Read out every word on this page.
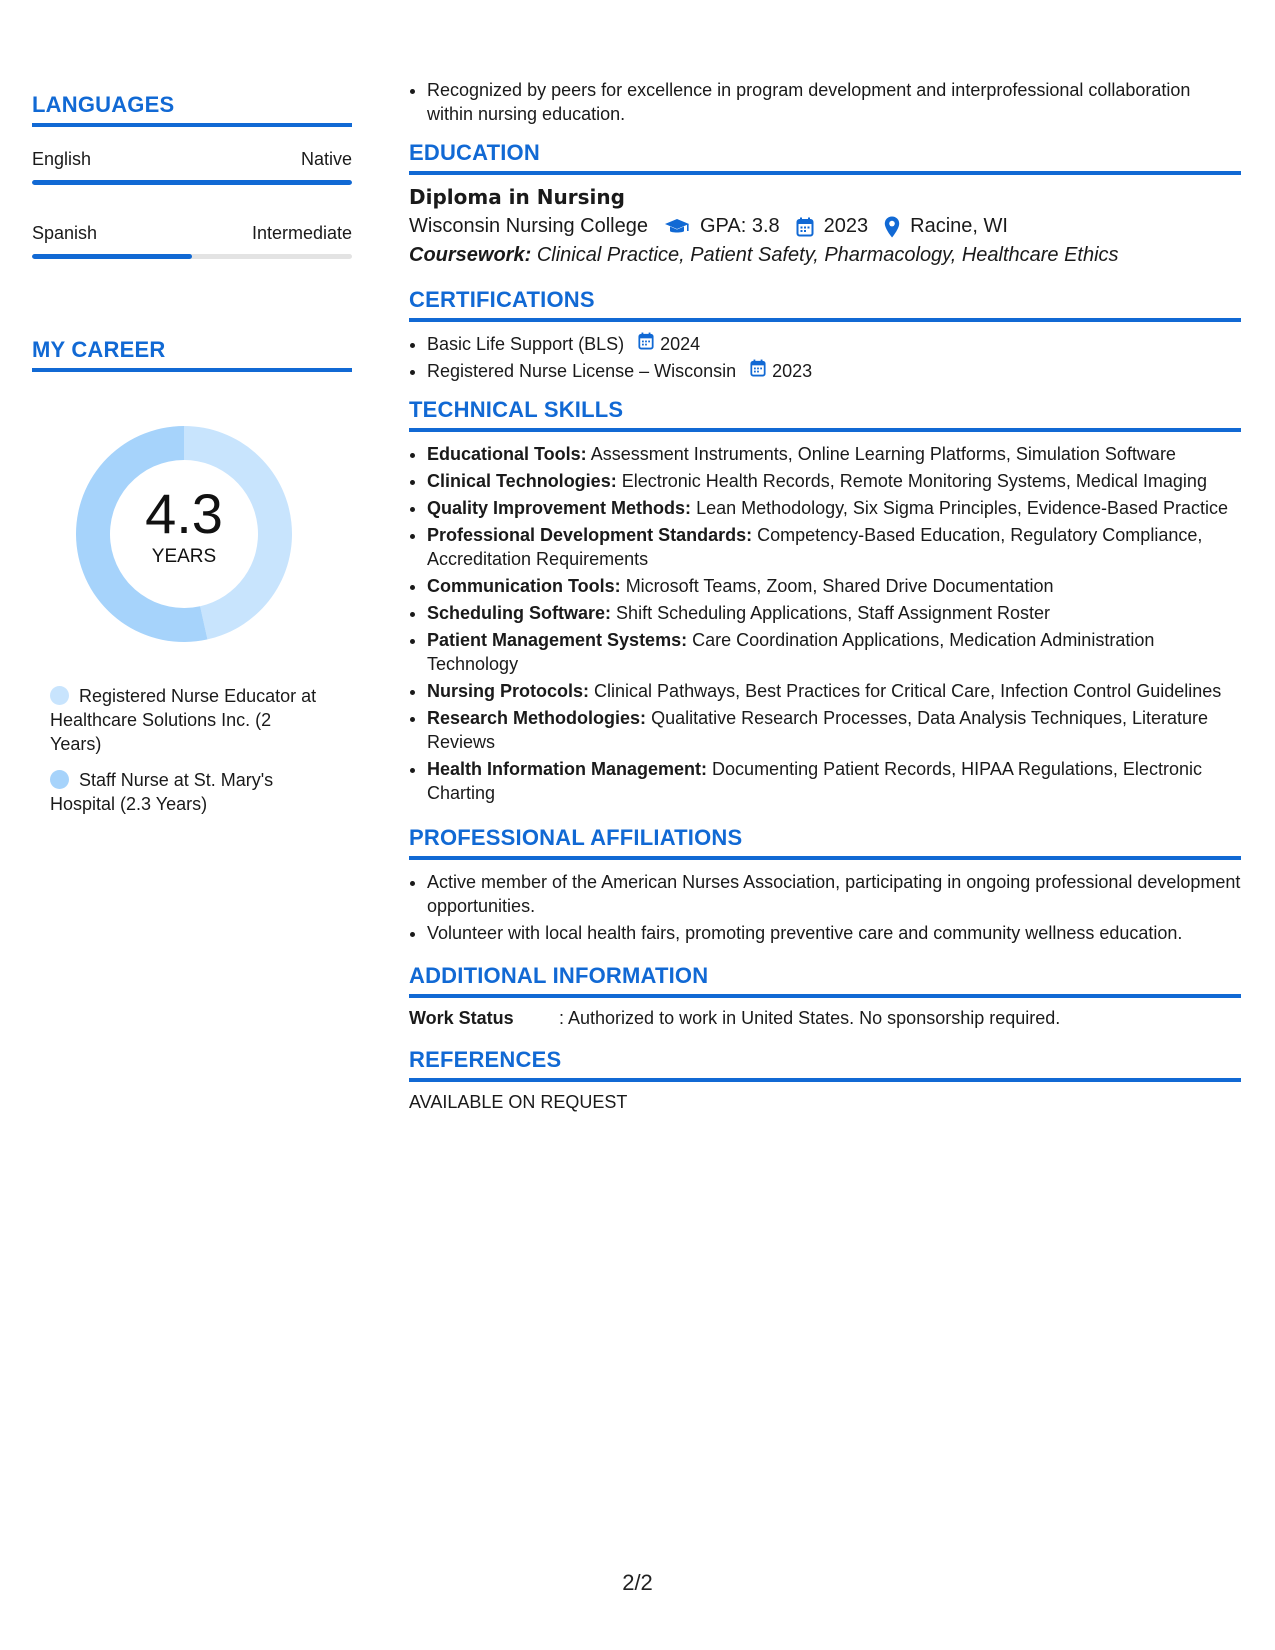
LANGUAGES
English	Native
Spanish	Intermediate
MY CAREER
4.3
YEARS
Registered Nurse Educator at Healthcare Solutions Inc. (2 Years)
Staff Nurse at St. Mary's Hospital (2.3 Years)
• Recognized by peers for excellence in program development and interprofessional collaboration within nursing education.
EDUCATION
Diploma in Nursing
Wisconsin Nursing College	GPA: 3.8 2023 Racine, WI
Coursework: Clinical Practice, Patient Safety, Pharmacology, Healthcare Ethics
CERTIFICATIONS
• Basic Life Support (BLS) 2024
• Registered Nurse License – Wisconsin 2023
TECHNICAL SKILLS
• Educational Tools: Assessment Instruments, Online Learning Platforms, Simulation Software
• Clinical Technologies: Electronic Health Records, Remote Monitoring Systems, Medical Imaging
• Quality Improvement Methods: Lean Methodology, Six Sigma Principles, Evidence-Based Practice
• Professional Development Standards: Competency-Based Education, Regulatory Compliance, Accreditation Requirements
• Communication Tools: Microsoft Teams, Zoom, Shared Drive Documentation
• Scheduling Software: Shift Scheduling Applications, Staff Assignment Roster
• Patient Management Systems: Care Coordination Applications, Medication Administration Technology
• Nursing Protocols: Clinical Pathways, Best Practices for Critical Care, Infection Control Guidelines
• Research Methodologies: Qualitative Research Processes, Data Analysis Techniques, Literature Reviews
• Health Information Management: Documenting Patient Records, HIPAA Regulations, Electronic Charting
PROFESSIONAL AFFILIATIONS
• Active member of the American Nurses Association, participating in ongoing professional development opportunities.
• Volunteer with local health fairs, promoting preventive care and community wellness education.
ADDITIONAL INFORMATION
Work Status	: Authorized to work in United States. No sponsorship required.
REFERENCES
AVAILABLE ON REQUEST
2/2
